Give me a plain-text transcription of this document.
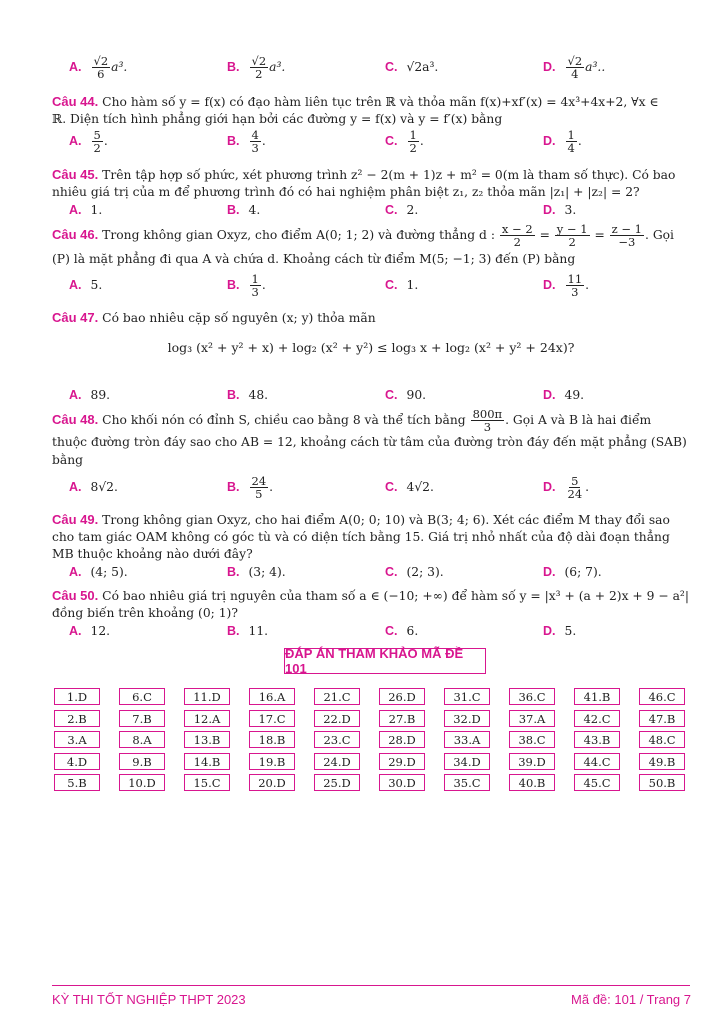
A. $\frac{√2}{6} a^3$.	B. $\frac{√2}{2} a^3$.	C. √2a³.	D. $\frac{√2}{4} a^3$..
Câu 44. Cho hàm số y = f(x) có đạo hàm liên tục trên ℝ và thỏa mãn f(x)+xf′(x) = 4x³+4x+2, ∀x ∈
ℝ. Diện tích hình phẳng giới hạn bởi các đường y = f(x) và y = f′(x) bằng
A. $\frac{5}{2}$ .	B. $\frac{4}{3}$ .	C. $\frac{1}{2}$ .	D. $\frac{1}{4}$ .
Câu 45. Trên tập hợp số phức, xét phương trình z² − 2(m + 1)z + m² = 0(m là tham số thực). Có bao
nhiêu giá trị của m để phương trình đó có hai nghiệm phân biệt z₁, z₂ thỏa mãn |z₁| + |z₂| = 2?
A. 1.	B. 4.	C. 2.	D. 3.
Câu 46. Trong không gian Oxyz, cho điểm A(0; 1; 2) và đường thẳng d : $\frac{x - 2}{2} = \frac{y - 1}{2} = \frac{z - 1}{-3}$ . Gọi
(P) là mặt phẳng đi qua A và chứa d. Khoảng cách từ điểm M(5; −1; 3) đến (P) bằng
A. 5.	B. $\frac{1}{3}$ .	C. 1.	D. $\frac{11}{3}$ .
Câu 47. Có bao nhiêu cặp số nguyên (x; y) thỏa mãn
log₃ (x² + y² + x) + log₂ (x² + y²) ≤ log₃ x + log₂ (x² + y² + 24x)?
A. 89.	B. 48.	C. 90.	D. 49.
Câu 48. Cho khối nón có đỉnh S, chiều cao bằng 8 và thể tích bằng $\frac{800\pi}{3}$ . Gọi A và B là hai điểm
thuộc đường tròn đáy sao cho AB = 12, khoảng cách từ tâm của đường tròn đáy đến mặt phẳng (SAB)
bằng
A. 8√2.	B. $\frac{24}{5}$ .	C. 4√2.	D. $\frac{5}{24}$ .
Câu 49. Trong không gian Oxyz, cho hai điểm A(0; 0; 10) và B(3; 4; 6). Xét các điểm M thay đổi sao
cho tam giác OAM không có góc tù và có diện tích bằng 15. Giá trị nhỏ nhất của độ dài đoạn thẳng
MB thuộc khoảng nào dưới đây?
A. (4; 5).	B. (3; 4).	C. (2; 3).	D. (6; 7).
Câu 50. Có bao nhiêu giá trị nguyên của tham số a ∈ (−10; +∞) để hàm số y = |x³ + (a + 2)x + 9 − a²|
đồng biến trên khoảng (0; 1)?
A. 12.	B. 11.	C. 6.	D. 5.
ĐÁP ÁN THAM KHẢO MÃ ĐỀ 101
1.D	6.C	11.D	16.A	21.C	26.D	31.C	36.C	41.B	46.C
2.B	7.B	12.A	17.C	22.D	27.B	32.D	37.A	42.C	47.B
3.A	8.A	13.B	18.B	23.C	28.D	33.A	38.C	43.B	48.C
4.D	9.B	14.B	19.B	24.D	29.D	34.D	39.D	44.C	49.B
5.B	10.D	15.C	20.D	25.D	30.D	35.C	40.B	45.C	50.B
KỲ THI TỐT NGHIỆP THPT 2023	Mã đề: 101 / Trang 7
